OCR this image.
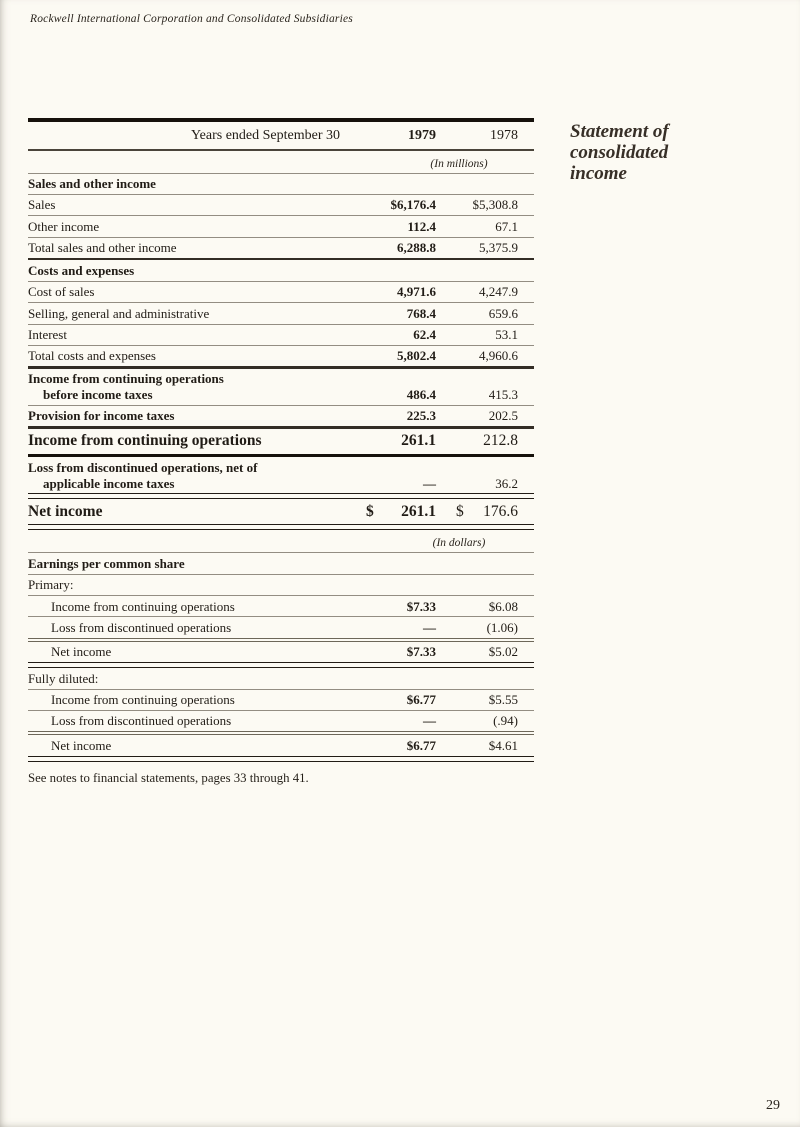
Rockwell International Corporation and Consolidated Subsidiaries
Statement of
consolidated
income
Years ended September 30	1979	1978
(In millions)
Sales and other income
Sales	$6,176.4	$5,308.8
Other income	112.4	67.1
Total sales and other income	6,288.8	5,375.9
Costs and expenses
Cost of sales	4,971.6	4,247.9
Selling, general and administrative	768.4	659.6
Interest	62.4	53.1
Total costs and expenses	5,802.4	4,960.6
Income from continuing operations
before income taxes	486.4	415.3
Provision for income taxes	225.3	202.5
Income from continuing operations	261.1	212.8
Loss from discontinued operations, net of
applicable income taxes	—	36.2
Net income	$ 261.1	$ 176.6
(In dollars)
Earnings per common share
Primary:
Income from continuing operations	$7.33	$6.08
Loss from discontinued operations	—	(1.06)
Net income	$7.33	$5.02
Fully diluted:
Income from continuing operations	$6.77	$5.55
Loss from discontinued operations	—	(.94)
Net income	$6.77	$4.61
See notes to financial statements, pages 33 through 41.
29
